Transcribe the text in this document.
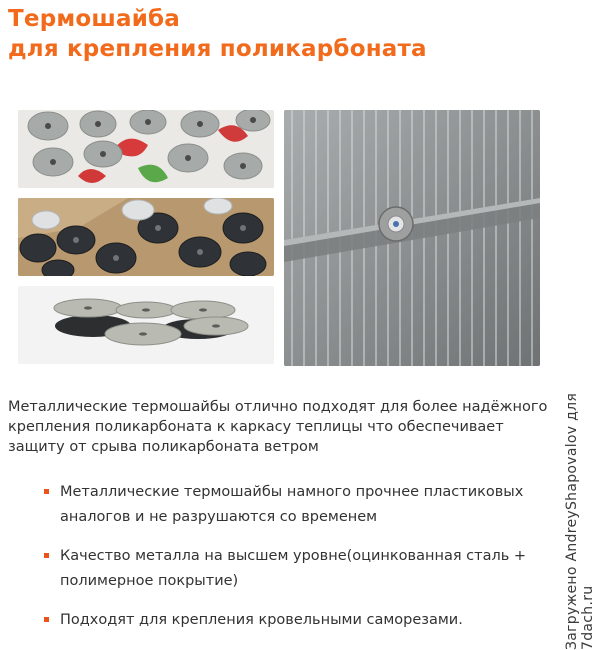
Термошайба
для крепления поликарбоната

Металлические термошайбы отлично подходят для более надёжного крепления поликарбоната к каркасу теплицы что обеспечивает защиту от срыва поликарбоната ветром

Металлические термошайбы намного прочнее пластиковых аналогов и не разрушаются со временем
Качество металла на высшем уровне(оцинкованная сталь + полимерное покрытие)
Подходят для крепления кровельными саморезами.	Загружено AndreyShapovalov для 7dach.ru
